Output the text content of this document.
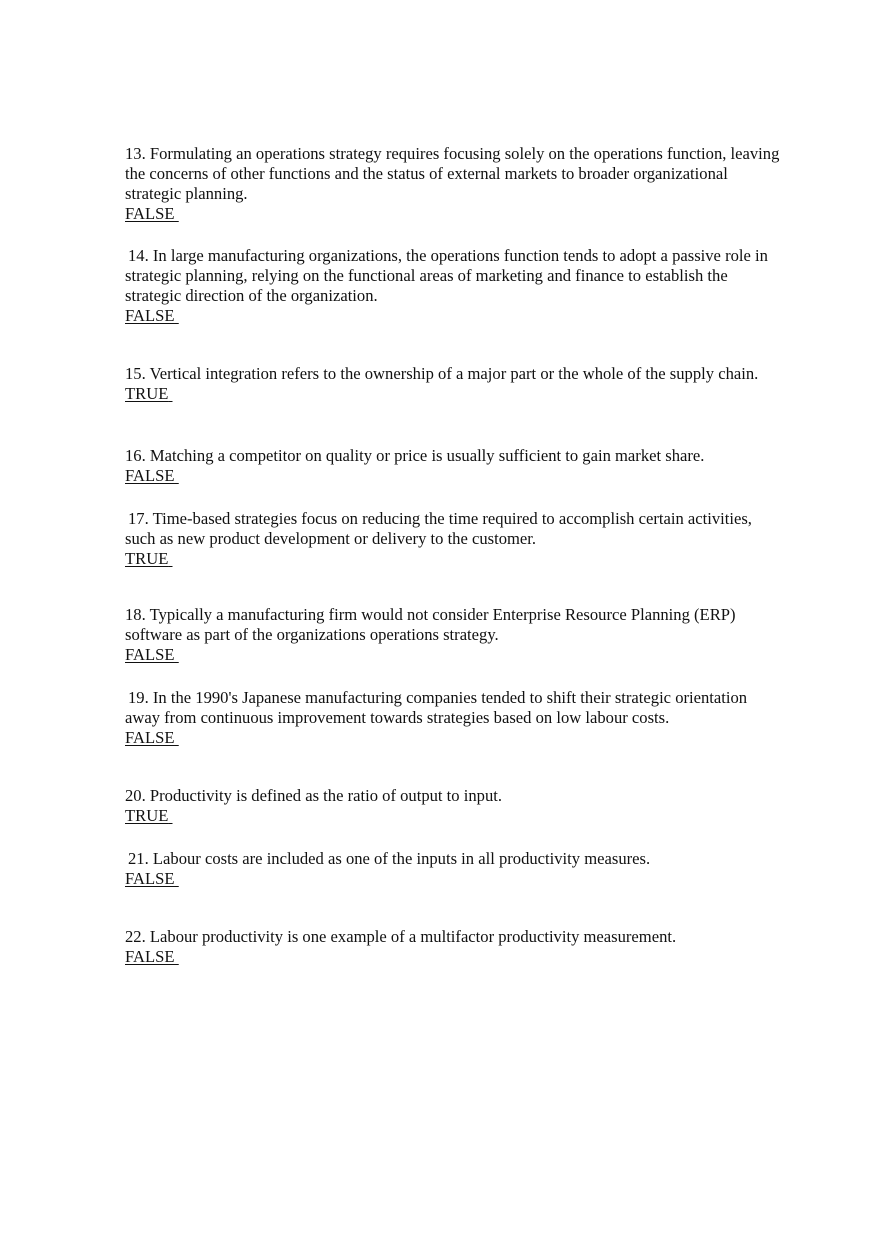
13. Formulating an operations strategy requires focusing solely on the operations function, leaving the concerns of other functions and the status of external markets to broader organizational strategic planning.

FALSE

14. In large manufacturing organizations, the operations function tends to adopt a passive role in strategic planning, relying on the functional areas of marketing and finance to establish the strategic direction of the organization.

FALSE

15. Vertical integration refers to the ownership of a major part or the whole of the supply chain.

TRUE

16. Matching a competitor on quality or price is usually sufficient to gain market share.

FALSE

17. Time-based strategies focus on reducing the time required to accomplish certain activities, such as new product development or delivery to the customer.

TRUE

18. Typically a manufacturing firm would not consider Enterprise Resource Planning (ERP) software as part of the organizations operations strategy.

FALSE

19. In the 1990's Japanese manufacturing companies tended to shift their strategic orientation away from continuous improvement towards strategies based on low labour costs.

FALSE

20. Productivity is defined as the ratio of output to input.

TRUE

21. Labour costs are included as one of the inputs in all productivity measures.

FALSE

22. Labour productivity is one example of a multifactor productivity measurement.

FALSE
